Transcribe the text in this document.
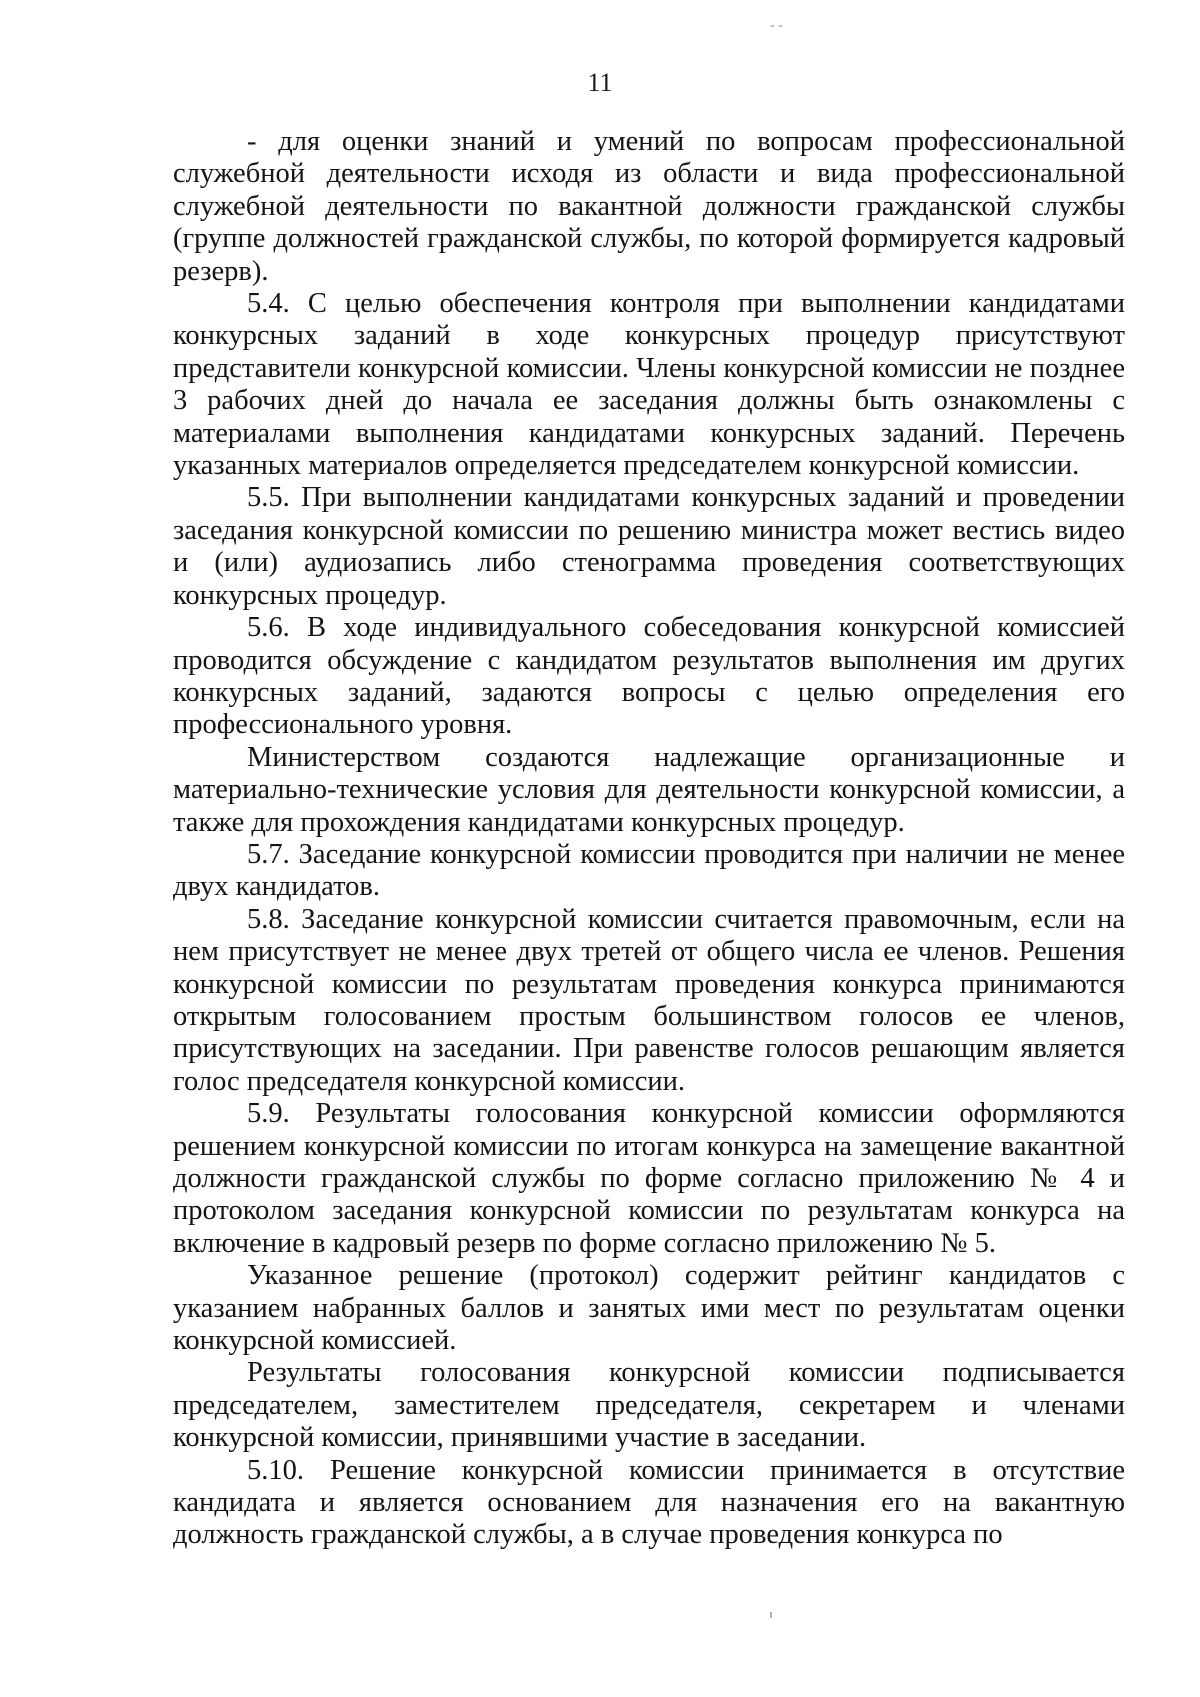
- -
11

- для оценки знаний и умений по вопросам профессиональной служебной деятельности исходя из области и вида профессиональной служебной деятельности по вакантной должности гражданской службы (группе должностей гражданской службы, по которой формируется кадровый резерв).

5.4. С целью обеспечения контроля при выполнении кандидатами конкурсных заданий в ходе конкурсных процедур присутствуют представители конкурсной комиссии. Члены конкурсной комиссии не позднее 3 рабочих дней до начала ее заседания должны быть ознакомлены с материалами выполнения кандидатами конкурсных заданий. Перечень указанных материалов определяется председателем конкурсной комиссии.

5.5. При выполнении кандидатами конкурсных заданий и проведении заседания конкурсной комиссии по решению министра может вестись видео и (или) аудиозапись либо стенограмма проведения соответствующих конкурсных процедур.

5.6. В ходе индивидуального собеседования конкурсной комиссией проводится обсуждение с кандидатом результатов выполнения им других конкурсных заданий, задаются вопросы с целью определения его профессионального уровня.

Министерством создаются надлежащие организационные и материально-технические условия для деятельности конкурсной комиссии, а также для прохождения кандидатами конкурсных процедур.

5.7. Заседание конкурсной комиссии проводится при наличии не менее двух кандидатов.

5.8. Заседание конкурсной комиссии считается правомочным, если на нем присутствует не менее двух третей от общего числа ее членов. Решения конкурсной комиссии по результатам проведения конкурса принимаются открытым голосованием простым большинством голосов ее членов, присутствующих на заседании. При равенстве голосов решающим является голос председателя конкурсной комиссии.

5.9. Результаты голосования конкурсной комиссии оформляются решением конкурсной комиссии по итогам конкурса на замещение вакантной должности гражданской службы по форме согласно приложению № 4 и протоколом заседания конкурсной комиссии по результатам конкурса на включение в кадровый резерв по форме согласно приложению № 5.

Указанное решение (протокол) содержит рейтинг кандидатов с указанием набранных баллов и занятых ими мест по результатам оценки конкурсной комиссией.

Результаты голосования конкурсной комиссии подписывается председателем, заместителем председателя, секретарем и членами конкурсной комиссии, принявшими участие в заседании.

5.10. Решение конкурсной комиссии принимается в отсутствие кандидата и является основанием для назначения его на вакантную должность гражданской службы, а в случае проведения конкурса по
